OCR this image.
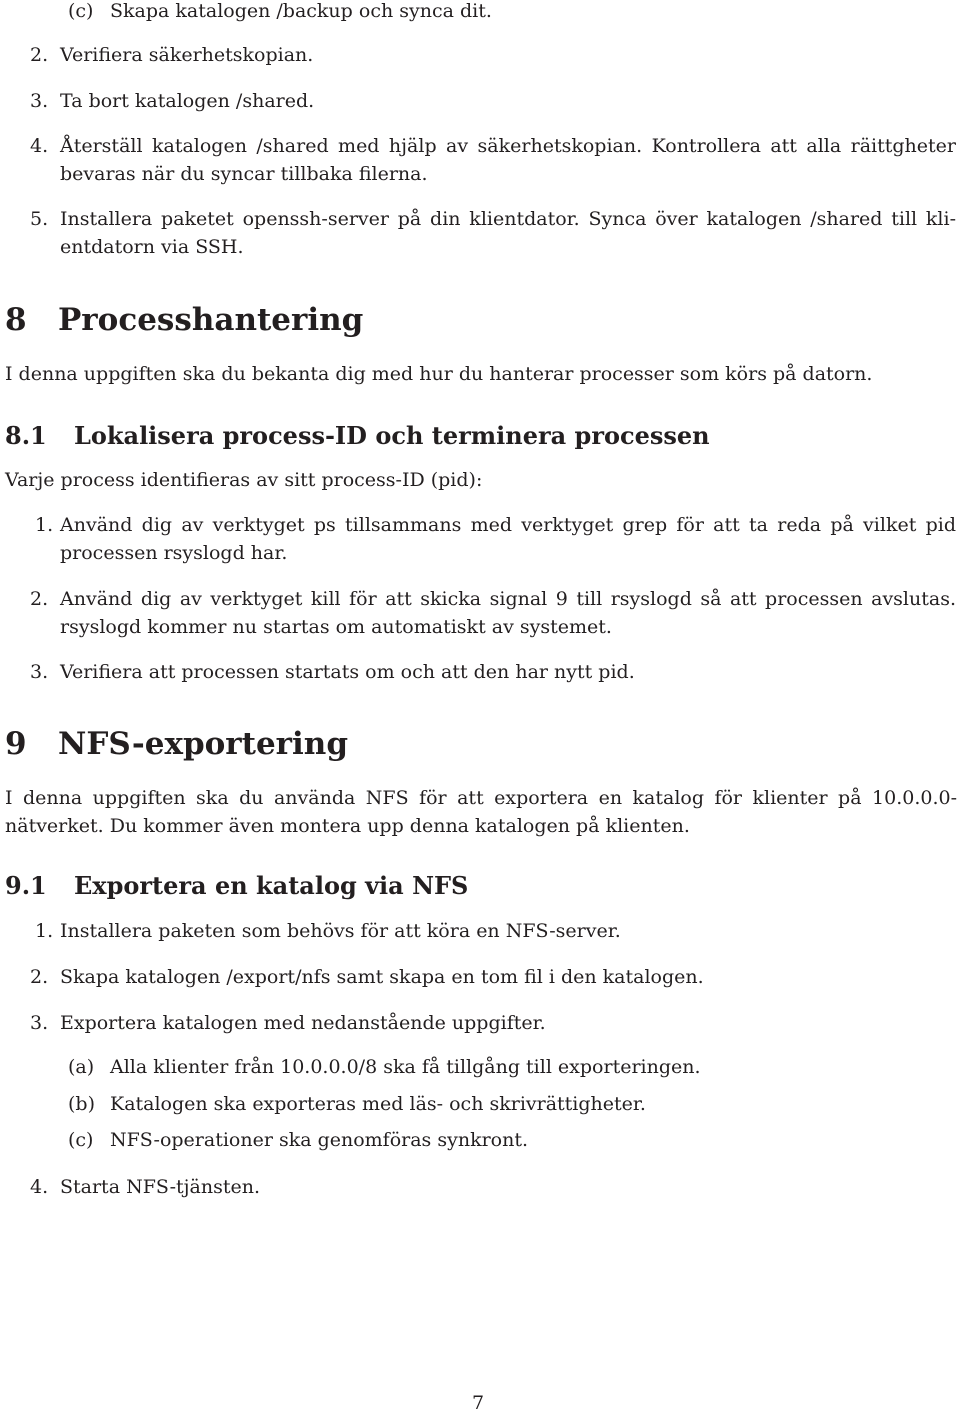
(c) Skapa katalogen /backup och synca dit.
2. Verifiera säkerhetskopian.
3. Ta bort katalogen /shared.
4. Återställ katalogen /shared med hjälp av säkerhetskopian. Kontrollera att alla räittgheter
bevaras när du syncar tillbaka filerna.
5. Installera paketet openssh-server på din klientdator. Synca över katalogen /shared till kli-
entdatorn via SSH.
8 Processhantering
I denna uppgiften ska du bekanta dig med hur du hanterar processer som körs på datorn.
8.1 Lokalisera process-ID och terminera processen
Varje process identifieras av sitt process-ID (pid):
1. Använd dig av verktyget ps tillsammans med verktyget grep för att ta reda på vilket pid
processen rsyslogd har.
2. Använd dig av verktyget kill för att skicka signal 9 till rsyslogd så att processen avslutas.
rsyslogd kommer nu startas om automatiskt av systemet.
3. Verifiera att processen startats om och att den har nytt pid.
9 NFS-exportering
I denna uppgiften ska du använda NFS för att exportera en katalog för klienter på 10.0.0.0-
nätverket. Du kommer även montera upp denna katalogen på klienten.
9.1 Exportera en katalog via NFS
1. Installera paketen som behövs för att köra en NFS-server.
2. Skapa katalogen /export/nfs samt skapa en tom fil i den katalogen.
3. Exportera katalogen med nedanstående uppgifter.
(a) Alla klienter från 10.0.0.0/8 ska få tillgång till exporteringen.
(b) Katalogen ska exporteras med läs- och skrivrättigheter.
(c) NFS-operationer ska genomföras synkront.
4. Starta NFS-tjänsten.
7
